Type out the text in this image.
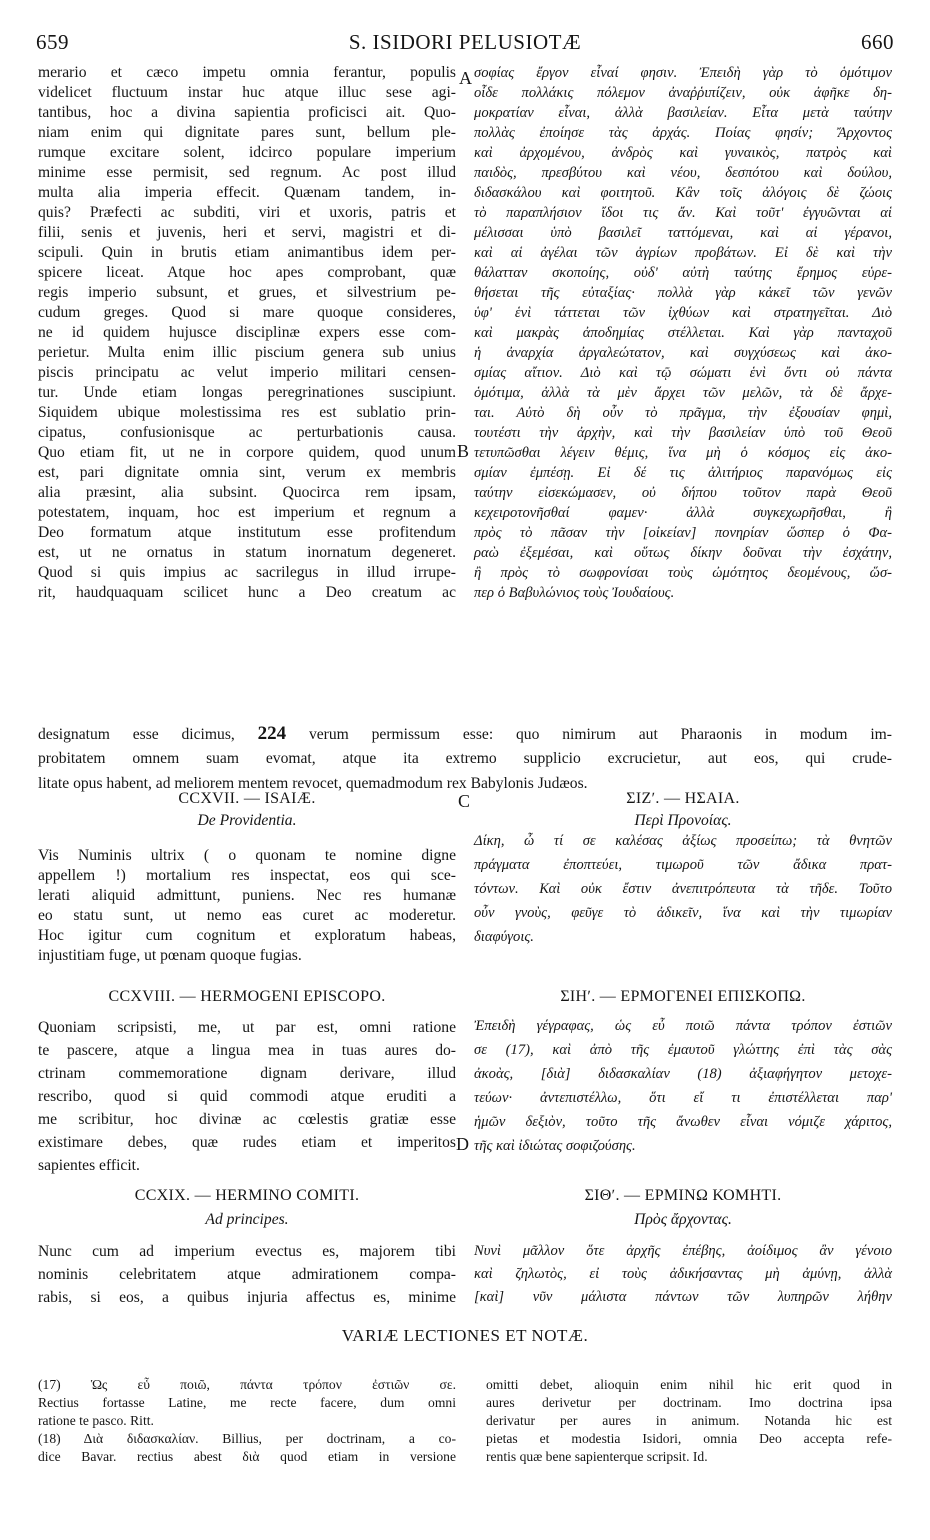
659	S. ISIDORI PELUSIOTÆ	660
A
B
C
D

merario et cæco impetu omnia ferantur, populis

videlicet fluctuum instar huc atque illuc sese agi-

tantibus, hoc a divina sapientia proficisci ait. Quo-

niam enim qui dignitate pares sunt, bellum ple-

rumque excitare solent, idcirco populare imperium

minime esse permisit, sed regnum. Ac post illud

multa alia imperia effecit. Quænam tandem, in-

quis? Præfecti ac subditi, viri et uxoris, patris et

filii, senis et juvenis, heri et servi, magistri et di-

scipuli. Quin in brutis etiam animantibus idem per-

spicere liceat. Atque hoc apes comprobant, quæ

regis imperio subsunt, et grues, et silvestrium pe-

cudum greges. Quod si mare quoque consideres,

ne id quidem hujusce disciplinæ expers esse com-

perietur. Multa enim illic piscium genera sub unius

piscis principatu ac velut imperio militari censen-

tur. Unde etiam longas peregrinationes suscipiunt.

Siquidem ubique molestissima res est sublatio prin-

cipatus, confusionisque ac perturbationis causa.

Quo etiam fit, ut ne in corpore quidem, quod unum

est, pari dignitate omnia sint, verum ex membris

alia præsint, alia subsint. Quocirca rem ipsam,

potestatem, inquam, hoc est imperium et regnum a

Deo formatum atque institutum esse profitendum

est, ut ne ornatus in statum inornatum degeneret.

Quod si quis impius ac sacrilegus in illud irrupe-

rit, haudquaquam scilicet hunc a Deo creatum ac

σοφίας ἔργον εἶναί φησιν. Ἐπειδὴ γὰρ τὸ ὁμότιμον

οἶδε πολλάκις πόλεμον ἀναῤῥιπίζειν, οὐκ ἀφῆκε δη-

μοκρατίαν εἶναι, ἀλλὰ βασιλείαν. Εἶτα μετὰ ταύτην

πολλὰς ἐποίησε τὰς ἀρχάς. Ποίας φησίν; Ἄρχοντος

καὶ ἀρχομένου, ἀνδρὸς καὶ γυναικὸς, πατρὸς καὶ

παιδὸς, πρεσβύτου καὶ νέου, δεσπότου καὶ δούλου,

διδασκάλου καὶ φοιτητοῦ. Κἂν τοῖς ἀλόγοις δὲ ζώοις

τὸ παραπλήσιον ἴδοι τις ἄν. Καὶ τοῦτ' ἐγγυῶνται αἱ

μέλισσαι ὑπὸ βασιλεῖ ταττόμεναι, καὶ αἱ γέρανοι,

καὶ αἱ ἀγέλαι τῶν ἀγρίων προβάτων. Εἰ δὲ καὶ τὴν

θάλατταν σκοποίης, οὐδ' αὐτὴ ταύτης ἔρημος εὑρε-

θήσεται τῆς εὐταξίας· πολλὰ γὰρ κἀκεῖ τῶν γενῶν

ὑφ' ἑνὶ τάττεται τῶν ἰχθύων καὶ στρατηγεῖται. Διὸ

καὶ μακρὰς ἀποδημίας στέλλεται. Καὶ γὰρ πανταχοῦ

ἡ ἀναρχία ἀργαλεώτατον, καὶ συγχύσεως καὶ ἀκο-

σμίας αἴτιον. Διὸ καὶ τῷ σώματι ἑνὶ ὄντι οὐ πάντα

ὁμότιμα, ἀλλὰ τὰ μὲν ἄρχει τῶν μελῶν, τὰ δὲ ἄρχε-

ται. Αὐτὸ δὴ οὖν τὸ πρᾶγμα, τὴν ἐξουσίαν φημὶ,

τουτέστι τὴν ἀρχὴν, καὶ τὴν βασιλείαν ὑπὸ τοῦ Θεοῦ

τετυπῶσθαι λέγειν θέμις, ἵνα μὴ ὁ κόσμος εἰς ἀκο-

σμίαν ἐμπέσῃ. Εἰ δέ τις ἀλιτήριος παρανόμως εἰς

ταύτην εἰσεκώμασεν, οὐ δήπου τοῦτον παρὰ Θεοῦ

κεχειροτονῆσθαί φαμεν· ἀλλὰ συγκεχωρῆσθαι, ἢ

πρὸς τὸ πᾶσαν τὴν [οἰκείαν] πονηρίαν ὥσπερ ὁ Φα-

ραὼ ἐξεμέσαι, καὶ οὕτως δίκην δοῦναι τὴν ἐσχάτην,

ἢ πρὸς τὸ σωφρονίσαι τοὺς ὠμότητος δεομένους, ὥσ-

περ ὁ Βαβυλώνιος τοὺς Ἰουδαίους.

designatum esse dicimus, 224 verum permissum esse: quo nimirum aut Pharaonis in modum im-

probitatem omnem suam evomat, atque ita extremo supplicio excrucietur, aut eos, qui crude-

litate opus habent, ad meliorem mentem revocet, quemadmodum rex Babylonis Judæos.

CCXVII. — ISAIÆ.
De Providentia.
ΣΙΖʹ. — ΗΣΑΙΑ.
Περὶ Προνοίας.

Vis Numinis ultrix ( o quonam te nomine digne

appellem !) mortalium res inspectat, eos qui sce-

lerati aliquid admittunt, puniens. Nec res humanæ

eo statu sunt, ut nemo eas curet ac moderetur.

Hoc igitur cum cognitum et exploratum habeas,

injustitiam fuge, ut pœnam quoque fugias.

Δίκη, ὦ τί σε καλέσας ἀξίως προσείπω; τὰ θνητῶν

πράγματα ἐποπτεύει, τιμωροῦ τῶν ἄδικα πρατ-

τόντων. Καὶ οὐκ ἔστιν ἀνεπιτρόπευτα τὰ τῆδε. Τοῦτο

οὖν γνοὺς, φεῦγε τὸ ἀδικεῖν, ἵνα καὶ τὴν τιμωρίαν

διαφύγοις.

CCXVIII. — HERMOGENI EPISCOPO.	ΣΙΗʹ. — ΕΡΜΟΓΕΝΕΙ ΕΠΙΣΚΟΠΩ.

Quoniam scripsisti, me, ut par est, omni ratione

te pascere, atque a lingua mea in tuas aures do-

ctrinam commemoratione dignam derivare, illud

rescribo, quod si quid commodi atque eruditi a

me scribitur, hoc divinæ ac cœlestis gratiæ esse

existimare debes, quæ rudes etiam et imperitos

sapientes efficit.

Ἐπειδὴ γέγραφας, ὡς εὖ ποιῶ πάντα τρόπον ἐστιῶν

σε (17), καὶ ἀπὸ τῆς ἐμαυτοῦ γλώττης ἐπὶ τὰς σὰς

ἀκοὰς, [διὰ] διδασκαλίαν (18) ἀξιαφήγητον μετοχε-

τεύων· ἀντεπιστέλλω, ὅτι εἴ τι ἐπιστέλλεται παρ'

ἡμῶν δεξιὸν, τοῦτο τῆς ἄνωθεν εἶναι νόμιζε χάριτος,

τῆς καὶ ἰδιώτας σοφιζούσης.

CCXIX. — HERMINO COMITI.
Ad principes.
ΣΙΘʹ. — ΕΡΜΙΝΩ ΚΟΜΗΤΙ.
Πρὸς ἄρχοντας.

Nunc cum ad imperium evectus es, majorem tibi

nominis celebritatem atque admirationem compa-

rabis, si eos, a quibus injuria affectus es, minime

Νυνὶ μᾶλλον ὅτε ἀρχῆς ἐπέβης, ἀοίδιμος ἂν γένοιο

καὶ ζηλωτὸς, εἰ τοὺς ἀδικήσαντας μὴ ἀμύνῃ, ἀλλὰ

[καὶ] νῦν μάλιστα πάντων τῶν λυπηρῶν λήθην

VARIÆ LECTIONES ET NOTÆ.

(17) Ὡς εὖ ποιῶ, πάντα τρόπον ἐστιῶν σε.

Rectius fortasse Latine, me recte facere, dum omni

ratione te pasco. Ritt.

(18) Διὰ διδασκαλίαν. Billius, per doctrinam, a co-

dice Bavar. rectius abest διὰ quod etiam in versione

omitti debet, alioquin enim nihil hic erit quod in

aures derivetur per doctrinam. Imo doctrina ipsa

derivatur per aures in animum. Notanda hic est

pietas et modestia Isidori, omnia Deo accepta refe-

rentis quæ bene sapienterque scripsit. Id.
